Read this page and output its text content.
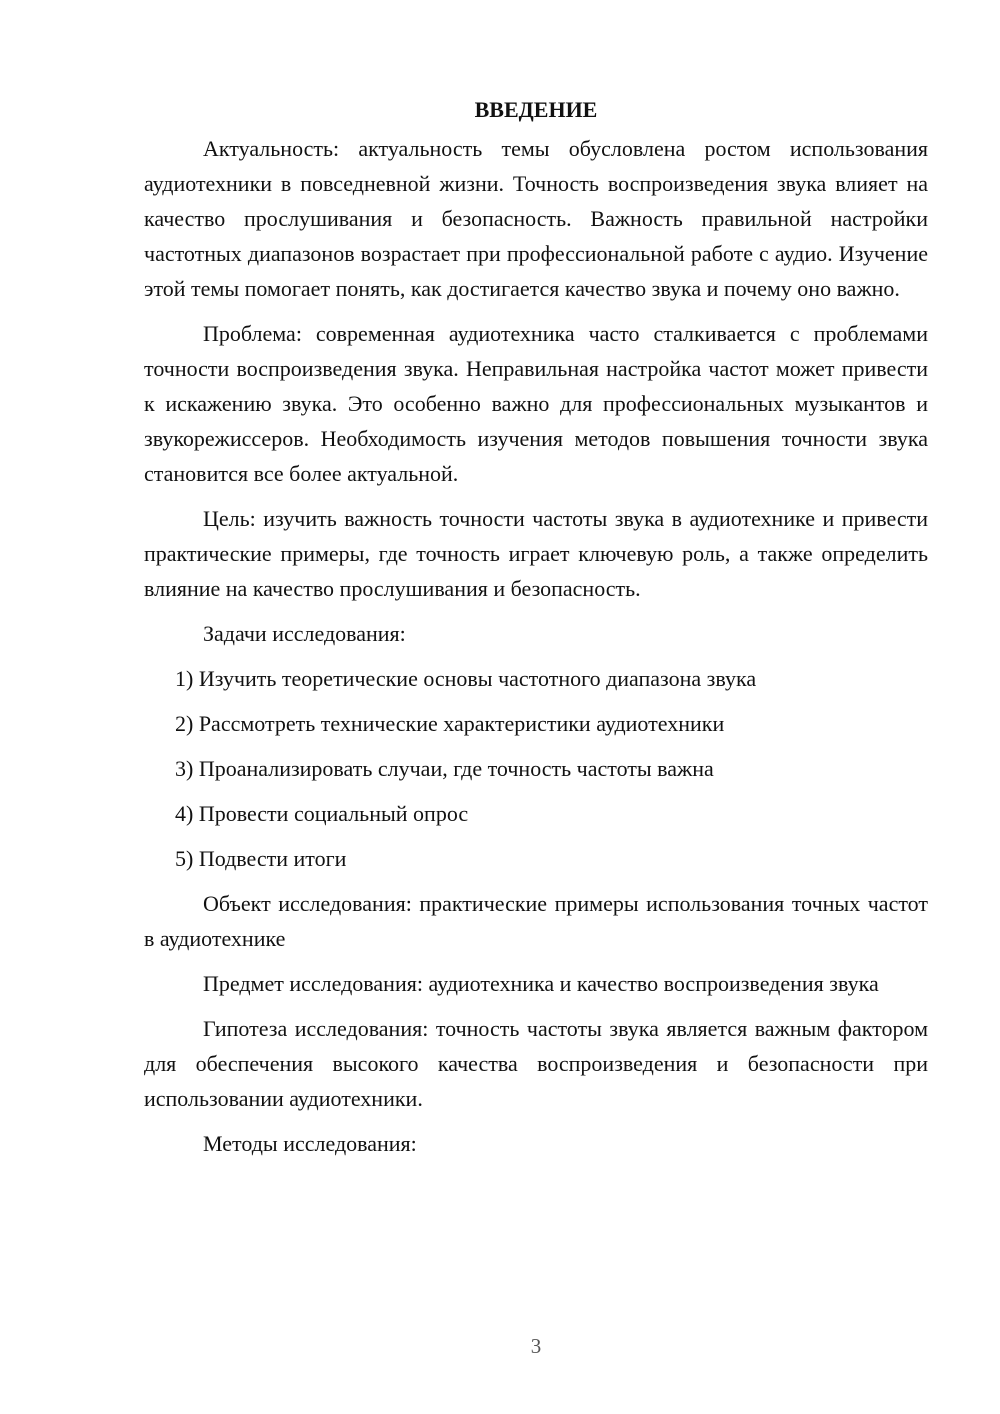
ВВЕДЕНИЕ

Актуальность: актуальность темы обусловлена ростом использования аудиотехники в повседневной жизни. Точность воспроизведения звука влияет на качество прослушивания и безопасность. Важность правильной настройки частотных диапазонов возрастает при профессиональной работе с аудио. Изучение этой темы помогает понять, как достигается качество звука и почему оно важно.

Проблема: современная аудиотехника часто сталкивается с проблемами точности воспроизведения звука. Неправильная настройка частот может привести к искажению звука. Это особенно важно для профессиональных музыкантов и звукорежиссеров. Необходимость изучения методов повышения точности звука становится все более актуальной.

Цель: изучить важность точности частоты звука в аудиотехнике и привести практические примеры, где точность играет ключевую роль, а также определить влияние на качество прослушивания и безопасность.

Задачи исследования:

1) Изучить теоретические основы частотного диапазона звука

2) Рассмотреть технические характеристики аудиотехники

3) Проанализировать случаи, где точность частоты важна

4) Провести социальный опрос

5) Подвести итоги

Объект исследования: практические примеры использования точных частот в аудиотехнике

Предмет исследования: аудиотехника и качество воспроизведения звука

Гипотеза исследования: точность частоты звука является важным фактором для обеспечения высокого качества воспроизведения и безопасности при использовании аудиотехники.

Методы исследования:

3
